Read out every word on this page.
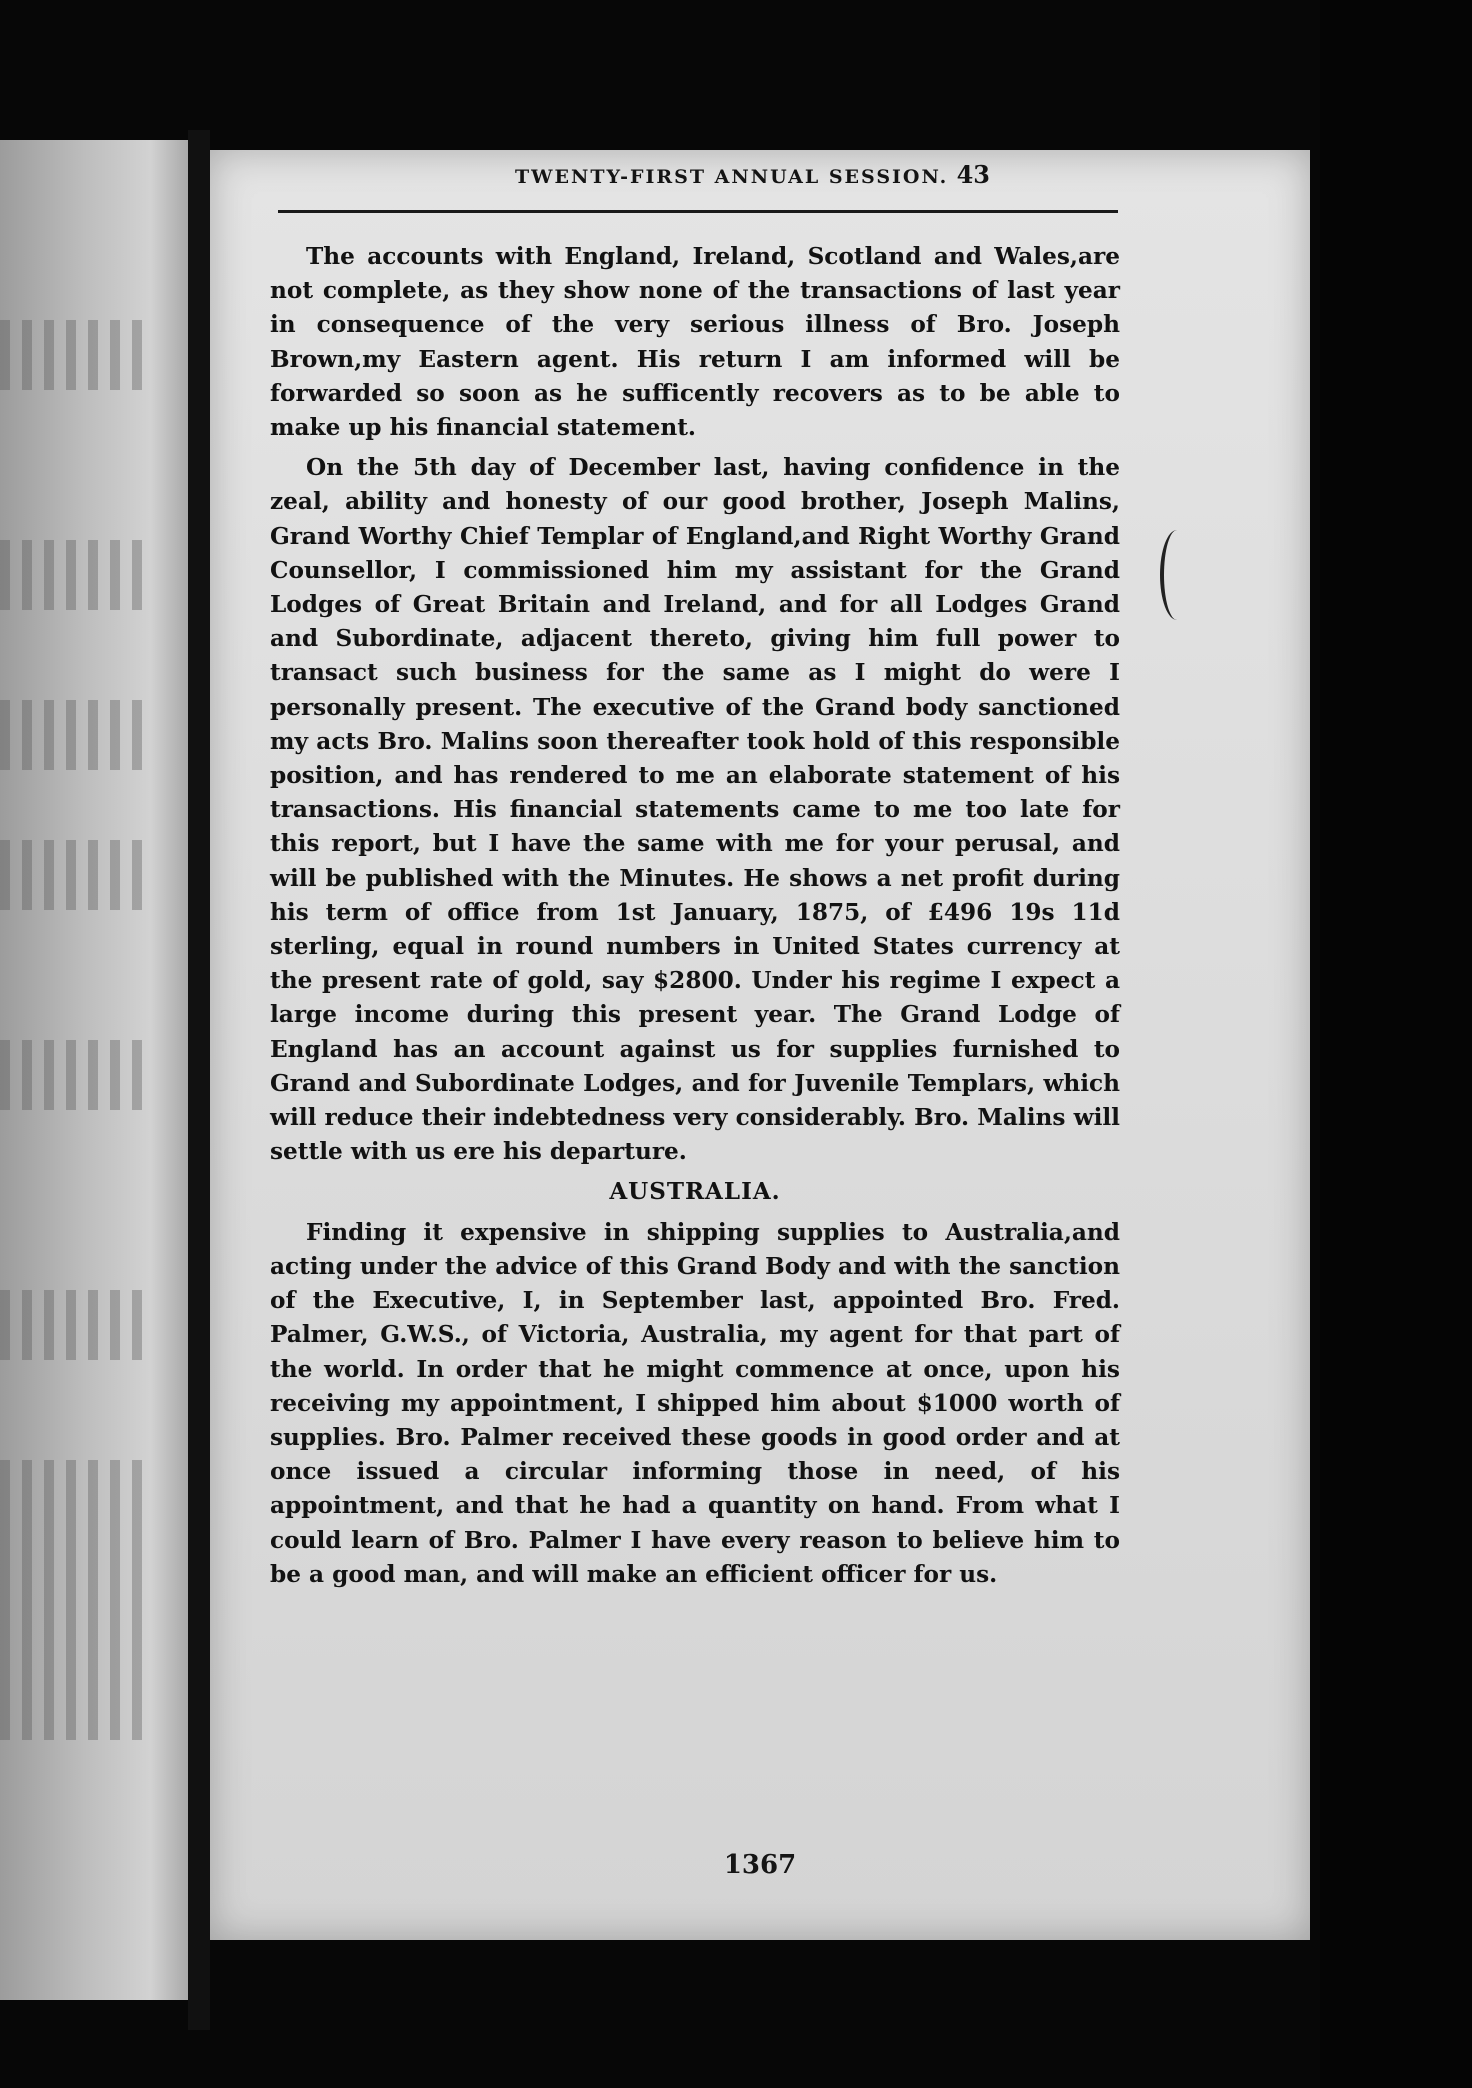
TWENTY-FIRST ANNUAL SESSION. 43

The accounts with England, Ireland, Scotland and Wales,are not complete, as they show none of the transactions of last year in consequence of the very serious illness of Bro. Joseph Brown,my Eastern agent. His return I am informed will be forwarded so soon as he sufficently recovers as to be able to make up his financial statement.

On the 5th day of December last, having confidence in the zeal, ability and honesty of our good brother, Joseph Malins, Grand Worthy Chief Templar of England,and Right Worthy Grand Counsellor, I commissioned him my assistant for the Grand Lodges of Great Britain and Ireland, and for all Lodges Grand and Subordinate, adjacent thereto, giving him full power to transact such business for the same as I might do were I personally present. The executive of the Grand body sanctioned my acts Bro. Malins soon thereafter took hold of this responsible position, and has rendered to me an elaborate statement of his transactions. His financial statements came to me too late for this report, but I have the same with me for your perusal, and will be published with the Minutes. He shows a net profit during his term of office from 1st January, 1875, of £496 19s 11d sterling, equal in round numbers in United States currency at the present rate of gold, say $2800. Under his regime I expect a large income during this present year. The Grand Lodge of England has an account against us for supplies furnished to Grand and Subordinate Lodges, and for Juvenile Templars, which will reduce their indebtedness very considerably. Bro. Malins will settle with us ere his departure.

AUSTRALIA.

Finding it expensive in shipping supplies to Australia,and acting under the advice of this Grand Body and with the sanction of the Executive, I, in September last, appointed Bro. Fred. Palmer, G.W.S., of Victoria, Australia, my agent for that part of the world. In order that he might commence at once, upon his receiving my appointment, I shipped him about $1000 worth of supplies. Bro. Palmer received these goods in good order and at once issued a circular informing those in need, of his appointment, and that he had a quantity on hand. From what I could learn of Bro. Palmer I have every reason to believe him to be a good man, and will make an efficient officer for us.

1367
